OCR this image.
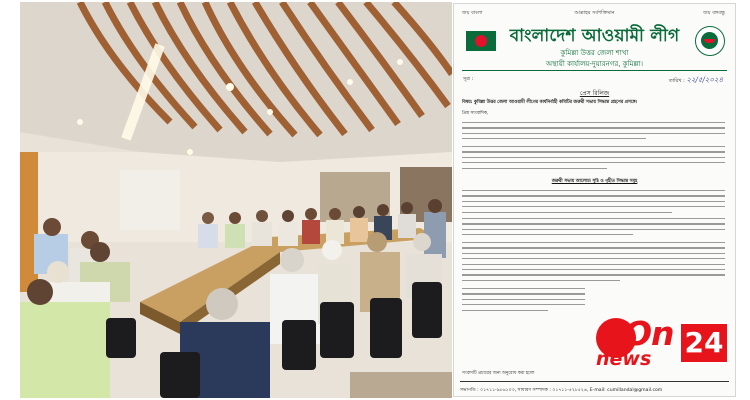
জয় বাংলা	আল্লাহর সর্বশক্তিমান	জয় বঙ্গবন্ধু
বাংলাদেশ আওয়ামী লীগ
কুমিল্লা উত্তর জেলা শাখা
অস্থায়ী কার্যালয়-দুয়ারনগর, কুমিল্লা।
সূত্র :	তারিখ : ২২/৫/২০২৪
প্রেস রিলিজ
বিষয়: কুমিল্লা উত্তর জেলা আওয়ামী লীগের কার্যনির্বাহী কমিটির জরুরী সভায় সিদ্ধান্ত গ্রহণের প্রসঙ্গে।
প্রিয় সাংবাদিক,
জরুরী সভায় আলোচ্য সূচি ও গৃহীত সিদ্ধান্ত সমূহ
সংবাদটি প্রচারের জন্য অনুরোধ করা হলো
সভাপতি : ০১৭১১-৯৮৬১০৩, সাধারণ সম্পাদক : ০১৭১১-৫২৮৫২৬, E-mail: cumillandal@gmail.com
On
news 24
